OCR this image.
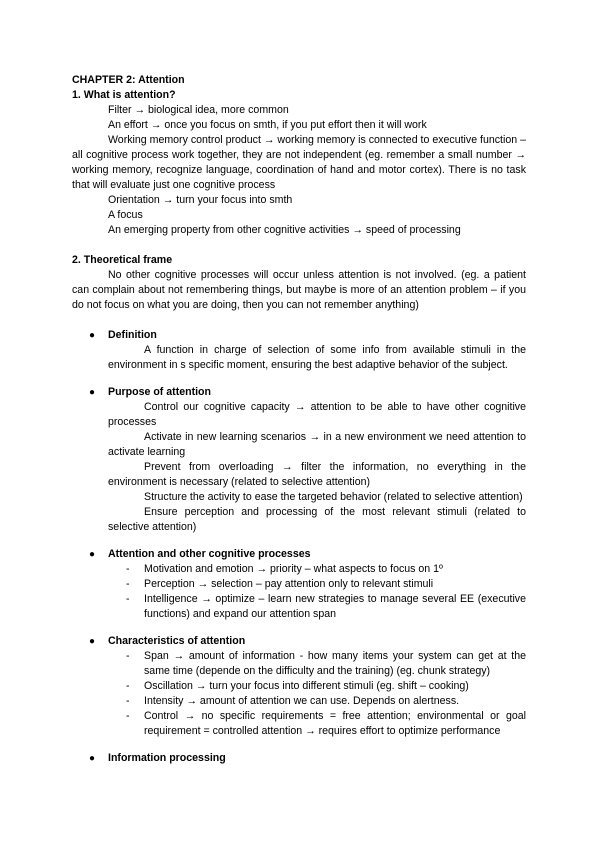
CHAPTER 2: Attention

1. What is attention?

Filter → biological idea, more common

An effort → once you focus on smth, if you put effort then it will work

Working memory control product → working memory is connected to executive function – all cognitive process work together, they are not independent (eg. remember a small number → working memory, recognize language, coordination of hand and motor cortex). There is no task that will evaluate just one cognitive process

Orientation → turn your focus into smth

A focus

An emerging property from other cognitive activities → speed of processing

2. Theoretical frame

No other cognitive processes will occur unless attention is not involved. (eg. a patient can complain about not remembering things, but maybe is more of an attention problem – if you do not focus on what you are doing, then you can not remember anything)

● Definition

A function in charge of selection of some info from available stimuli in the environment in s specific moment, ensuring the best adaptive behavior of the subject.

● Purpose of attention

Control our cognitive capacity → attention to be able to have other cognitive processes

Activate in new learning scenarios → in a new environment we need attention to activate learning

Prevent from overloading → filter the information, no everything in the environment is necessary (related to selective attention)

Structure the activity to ease the targeted behavior (related to selective attention)

Ensure perception and processing of the most relevant stimuli (related to selective attention)

● Attention and other cognitive processes

- Motivation and emotion → priority – what aspects to focus on 1º
- Perception → selection – pay attention only to relevant stimuli
- Intelligence → optimize – learn new strategies to manage several EE (executive functions) and expand our attention span
● Characteristics of attention

- Span → amount of information - how many items your system can get at the same time (depende on the difficulty and the training) (eg. chunk strategy)
- Oscillation → turn your focus into different stimuli (eg. shift – cooking)
- Intensity → amount of attention we can use. Depends on alertness.
- Control → no specific requirements = free attention; environmental or goal requirement = controlled attention → requires effort to optimize performance
● Information processing
